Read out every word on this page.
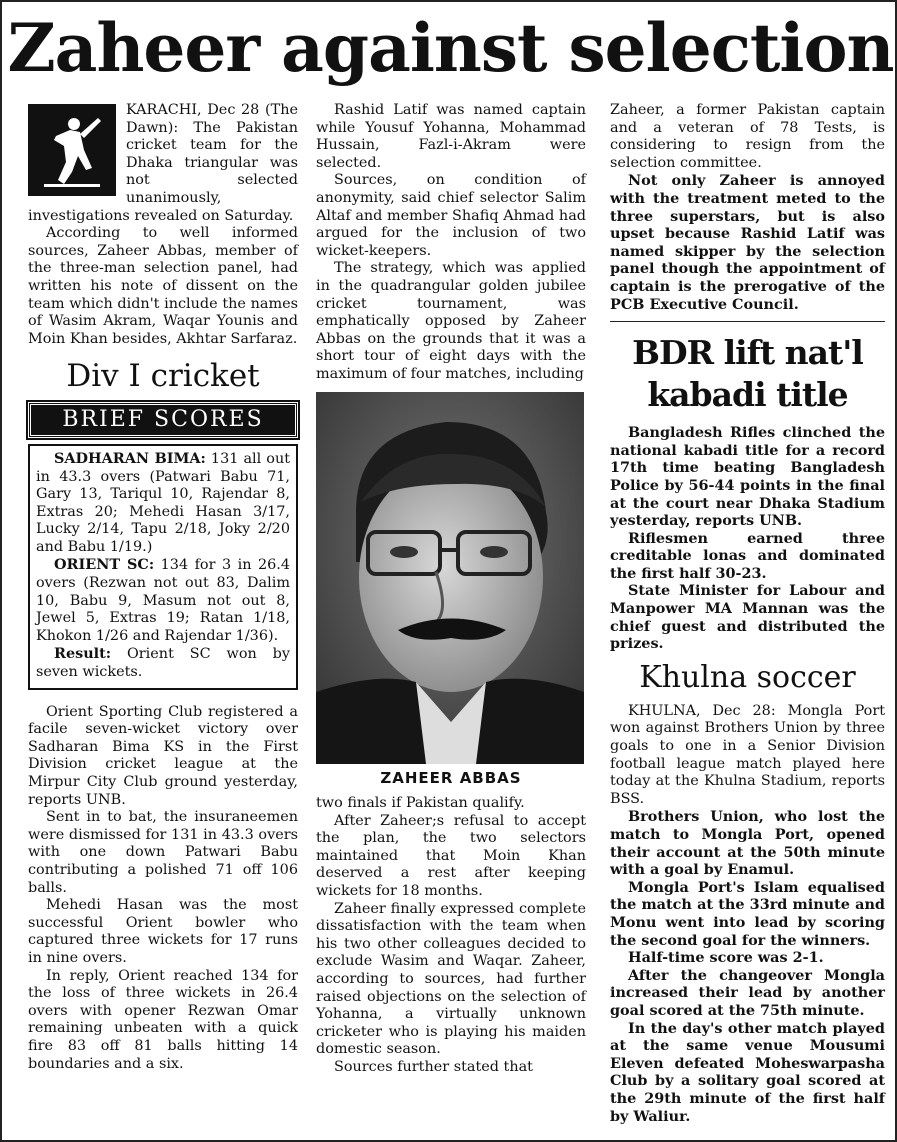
Zaheer against selection

KARACHI, Dec 28 (The Dawn): The Pakistan cricket team for the Dhaka triangular was not selected unanimously, investigations revealed on Saturday.

According to well informed sources, Zaheer Abbas, member of the three-man selection panel, had written his note of dissent on the team which didn't include the names of Wasim Akram, Waqar Younis and Moin Khan besides, Akhtar Sarfaraz.

Div I cricket
BRIEF SCORES

SADHARAN BIMA: 131 all out in 43.3 overs (Patwari Babu 71, Gary 13, Tariqul 10, Rajendar 8, Extras 20; Mehedi Hasan 3/17, Lucky 2/14, Tapu 2/18, Joky 2/20 and Babu 1/19.)

ORIENT SC: 134 for 3 in 26.4 overs (Rezwan not out 83, Dalim 10, Babu 9, Masum not out 8, Jewel 5, Extras 19; Ratan 1/18, Khokon 1/26 and Rajendar 1/36).

Result: Orient SC won by seven wickets.

Orient Sporting Club registered a facile seven-wicket victory over Sadharan Bima KS in the First Division cricket league at the Mirpur City Club ground yesterday, reports UNB.

Sent in to bat, the insuraneemen were dismissed for 131 in 43.3 overs with one down Patwari Babu contributing a polished 71 off 106 balls.

Mehedi Hasan was the most successful Orient bowler who captured three wickets for 17 runs in nine overs.

In reply, Orient reached 134 for the loss of three wickets in 26.4 overs with opener Rezwan Omar remaining unbeaten with a quick fire 83 off 81 balls hitting 14 boundaries and a six.

Rashid Latif was named captain while Yousuf Yohanna, Mohammad Hussain, Fazl-i-Akram were selected.

Sources, on condition of anonymity, said chief selector Salim Altaf and member Shafiq Ahmad had argued for the inclusion of two wicket-keepers.

The strategy, which was applied in the quadrangular golden jubilee cricket tournament, was emphatically opposed by Zaheer Abbas on the grounds that it was a short tour of eight days with the maximum of four matches, including

ZAHEER ABBAS

two finals if Pakistan qualify.

After Zaheer;s refusal to accept the plan, the two selectors maintained that Moin Khan deserved a rest after keeping wickets for 18 months.

Zaheer finally expressed complete dissatisfaction with the team when his two other colleagues decided to exclude Wasim and Waqar. Zaheer, according to sources, had further raised objections on the selection of Yohanna, a virtually unknown cricketer who is playing his maiden domestic season.

Sources further stated that

Zaheer, a former Pakistan captain and a veteran of 78 Tests, is considering to resign from the selection committee.

Not only Zaheer is annoyed with the treatment meted to the three superstars, but is also upset because Rashid Latif was named skipper by the selection panel though the appointment of captain is the prerogative of the PCB Executive Council.

BDR lift nat'l kabadi title

Bangladesh Rifles clinched the national kabadi title for a record 17th time beating Bangladesh Police by 56-44 points in the final at the court near Dhaka Stadium yesterday, reports UNB.

Riflesmen earned three creditable lonas and dominated the first half 30-23.

State Minister for Labour and Manpower MA Mannan was the chief guest and distributed the prizes.

Khulna soccer

KHULNA, Dec 28: Mongla Port won against Brothers Union by three goals to one in a Senior Division football league match played here today at the Khulna Stadium, reports BSS.

Brothers Union, who lost the match to Mongla Port, opened their account at the 50th minute with a goal by Enamul.

Mongla Port's Islam equalised the match at the 33rd minute and Monu went into lead by scoring the second goal for the winners.

Half-time score was 2-1.

After the changeover Mongla increased their lead by another goal scored at the 75th minute.

In the day's other match played at the same venue Mousumi Eleven defeated Moheswarpasha Club by a solitary goal scored at the 29th minute of the first half by Waliur.
